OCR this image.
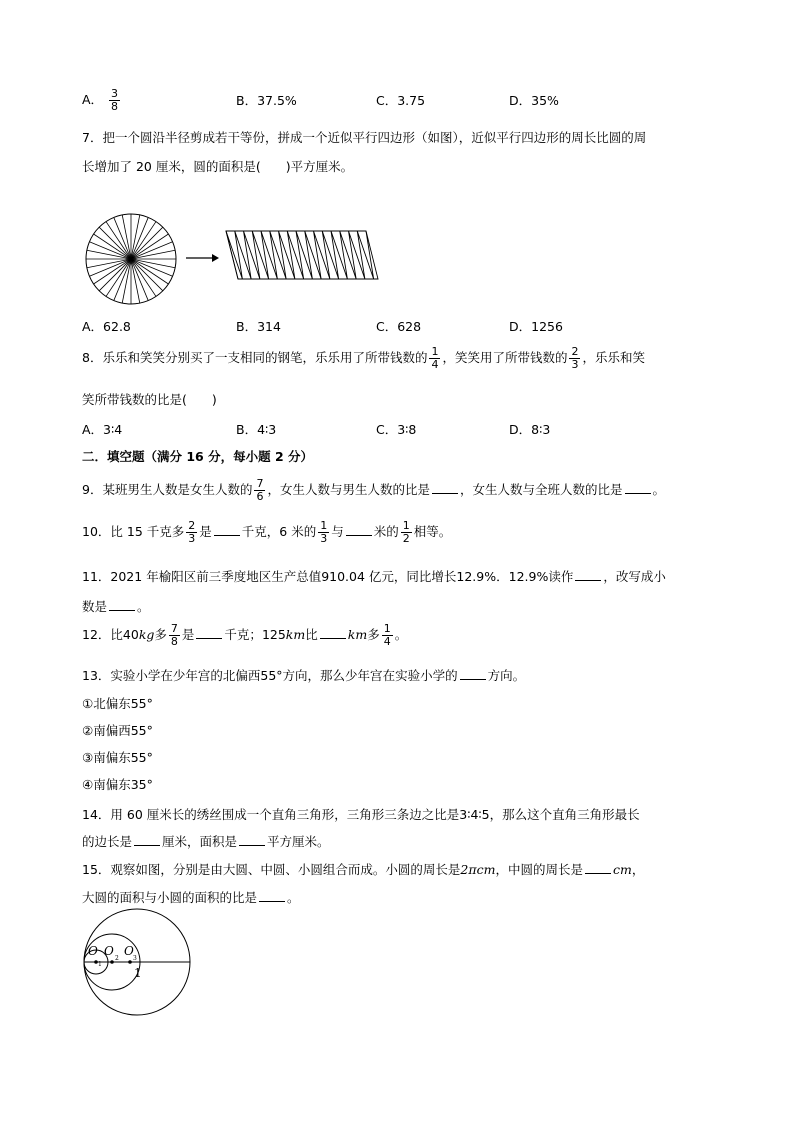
A． $\frac{3}{8}$	B．37.5%	C．3.75	D．35%
7．把一个圆沿半径剪成若干等份，拼成一个近似平行四边形（如图），近似平行四边形的周长比圆的周
长增加了 20 厘米，圆的面积是(　　)平方厘米。
A．62.8	B．314	C．628	D．1256
8．乐乐和笑笑分别买了一支相同的钢笔，乐乐用了所带钱数的 $\frac{1}{4}$ ，笑笑用了所带钱数的 $\frac{2}{3}$ ，乐乐和笑
笑所带钱数的比是(　　)
A．3∶4	B．4∶3	C．3∶8	D．8∶3
二．填空题（满分 16 分，每小题 2 分）
9．某班男生人数是女生人数的 $\frac{7}{6}$ ，女生人数与男生人数的比是 ，女生人数与全班人数的比是 。
10．比 15 千克多 $\frac{2}{3}$ 是 千克，6 米的 $\frac{1}{3}$ 与 米的 $\frac{1}{2}$ 相等。
11．2021 年榆阳区前三季度地区生产总值910.04 亿元，同比增长12.9%．12.9%读作 ，改写成小
数是 。
12．比40kg多 $\frac{7}{8}$ 是 千克；125km比 km多 $\frac{1}{4}$ 。
13．实验小学在少年宫的北偏西55°方向，那么少年宫在实验小学的 方向。
①北偏东55°
②南偏西55°
③南偏东55°
④南偏东35°
14．用 60 厘米长的绣丝围成一个直角三角形，三角形三条边之比是3∶4∶5，那么这个直角三角形最长
的边长是 厘米，面积是 平方厘米。
15．观察如图，分别是由大圆、中圆、小圆组合而成。小圆的周长是2πcm，中圆的周长是 cm，
大圆的面积与小圆的面积的比是 。
O
1
O
2
O
3
1
